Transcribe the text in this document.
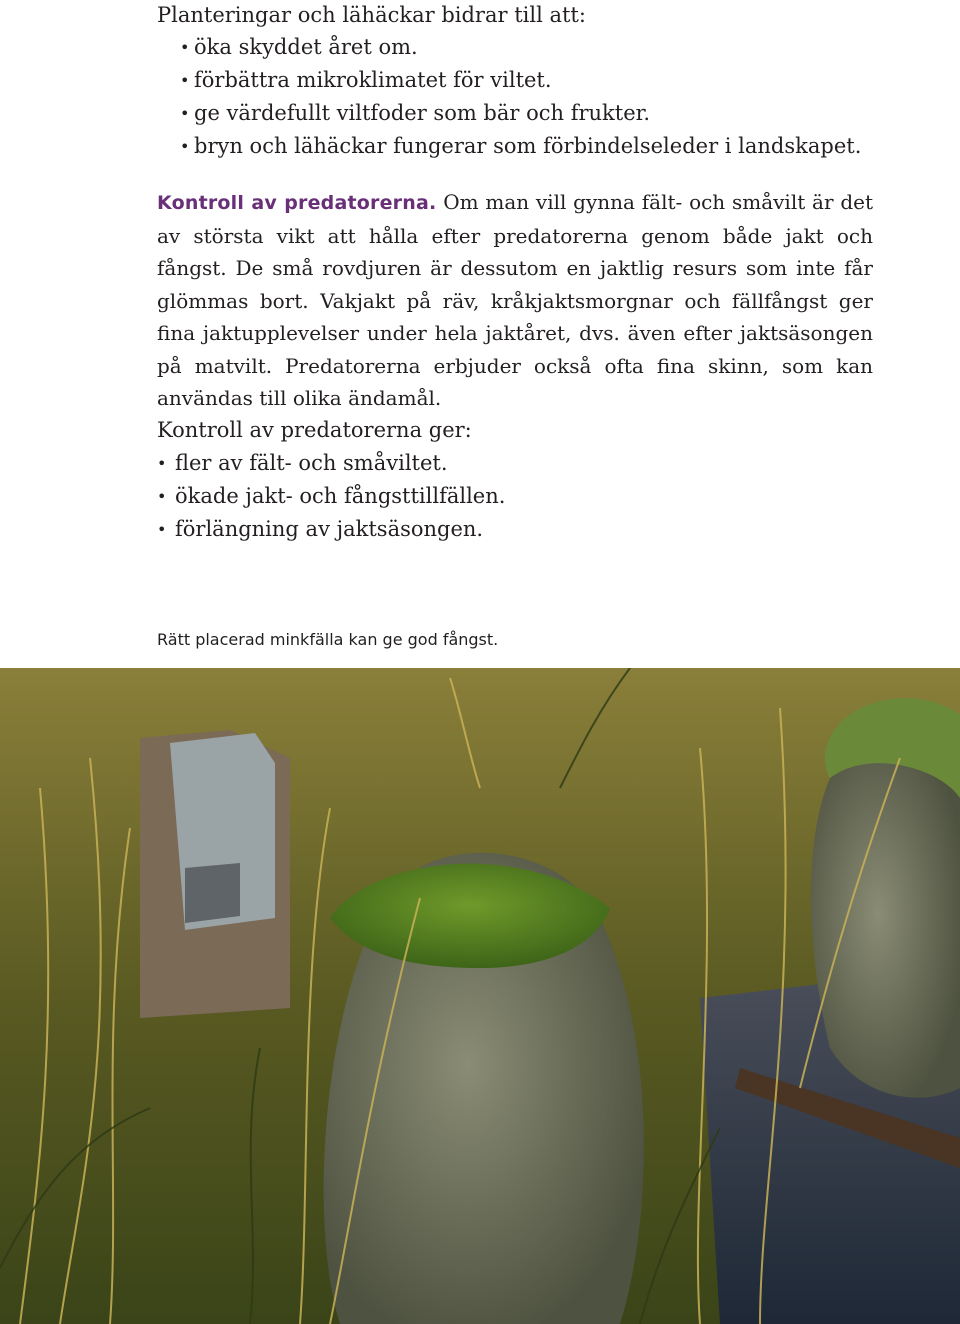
Planteringar och lähäckar bidrar till att:
• öka skyddet året om.
• förbättra mikroklimatet för viltet.
• ge värdefullt viltfoder som bär och frukter.
• bryn och lähäckar fungerar som förbindelseleder i landskapet.

Kontroll av predatorerna. Om man vill gynna fält- och småvilt är det av största vikt att hålla efter predatorerna genom både jakt och fångst. De små rovdjuren är dessutom en jaktlig resurs som inte får glömmas bort. Vakjakt på räv, kråkjaktsmorgnar och fällfångst ger fina jaktupplevelser under hela jaktåret, dvs. även efter jaktsäsongen på matvilt. Predatorerna erbjuder också ofta fina skinn, som kan användas till olika ändamål.

Kontroll av predatorerna ger:
• fler av fält- och småviltet.
• ökade jakt- och fångsttillfällen.
• förlängning av jaktsäsongen.
Rätt placerad minkfälla kan ge god fångst.
